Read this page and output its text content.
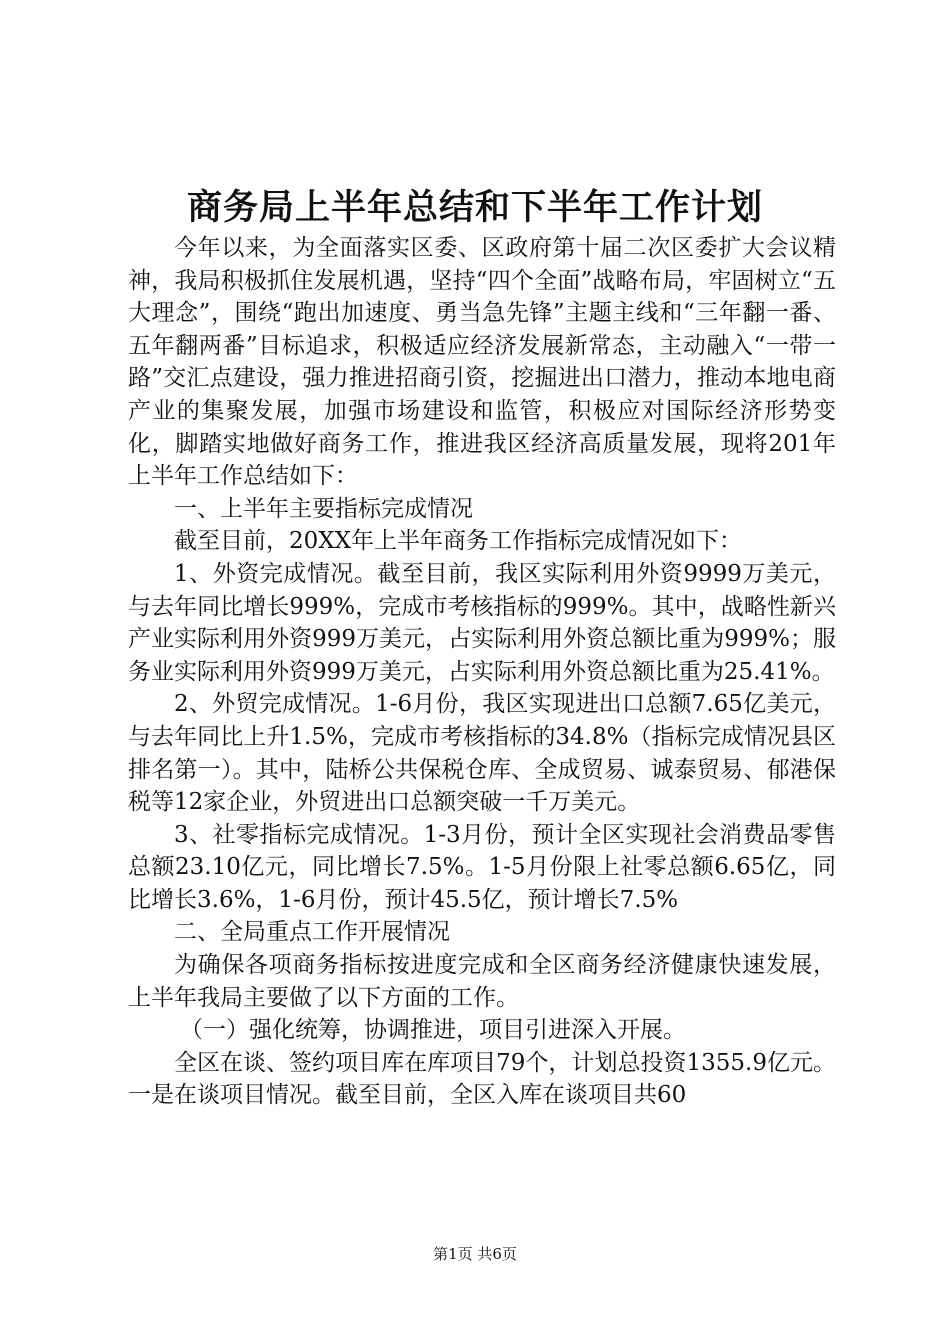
商务局上半年总结和下半年工作计划

今年以来，为全面落实区委、区政府第十届二次区委扩大会议精神，我局积极抓住发展机遇，坚持“四个全面”战略布局，牢固树立“五大理念”，围绕“跑出加速度、勇当急先锋”主题主线和“三年翻一番、五年翻两番”目标追求，积极适应经济发展新常态，主动融入“一带一路”交汇点建设，强力推进招商引资，挖掘进出口潜力，推动本地电商产业的集聚发展，加强市场建设和监管，积极应对国际经济形势变化，脚踏实地做好商务工作，推进我区经济高质量发展，现将201年上半年工作总结如下：

一、上半年主要指标完成情况

截至目前，20XX年上半年商务工作指标完成情况如下：

1、外资完成情况。截至目前，我区实际利用外资9999万美元，与去年同比增长999%，完成市考核指标的999%。其中，战略性新兴产业实际利用外资999万美元，占实际利用外资总额比重为999%；服务业实际利用外资999万美元，占实际利用外资总额比重为25.41%。

2、外贸完成情况。1-6月份，我区实现进出口总额7.65亿美元，与去年同比上升1.5%，完成市考核指标的34.8%（指标完成情况县区排名第一）。其中，陆桥公共保税仓库、全成贸易、诚泰贸易、郁港保税等12家企业，外贸进出口总额突破一千万美元。

3、社零指标完成情况。1-3月份，预计全区实现社会消费品零售总额23.10亿元，同比增长7.5%。1-5月份限上社零总额6.65亿，同比增长3.6%，1-6月份，预计45.5亿，预计增长7.5%

二、全局重点工作开展情况

为确保各项商务指标按进度完成和全区商务经济健康快速发展，上半年我局主要做了以下方面的工作。

（一）强化统筹，协调推进，项目引进深入开展。

全区在谈、签约项目库在库项目79个，计划总投资1355.9亿元。一是在谈项目情况。截至目前，全区入库在谈项目共60

第1页 共6页
